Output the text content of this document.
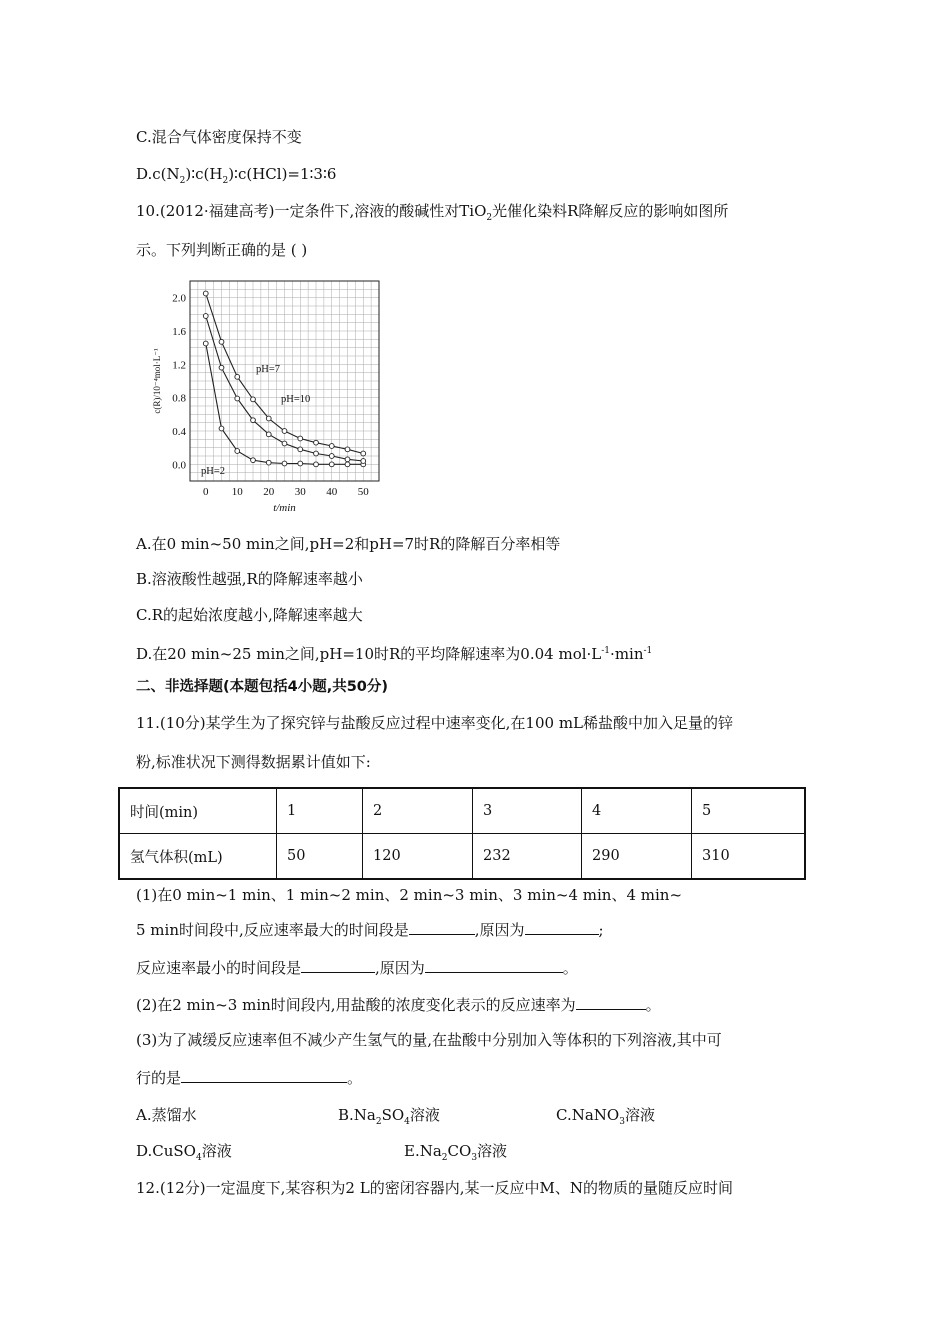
C.混合气体密度保持不变
$D.c(N_2)∶c(H_2)∶c(HCl)=1∶3∶6$
10.(2012·福建高考)一定条件下,溶液的酸碱性对TiO$_2$光催化染料R降解反应的影响如图所
示。下列判断正确的是 ( )
0 10 20 30 40 50
0.0
0.4
0.8
1.2
1.6
2.0
t/min
c(R)/10⁻⁴mol·L⁻¹
pH=2
pH=7
pH=10
A.在0 min~50 min之间,pH=2和pH=7时R的降解百分率相等
B.溶液酸性越强,R的降解速率越小
C.R的起始浓度越小,降解速率越大
D.在20 min~25 min之间,pH=10时R的平均降解速率为0.04 $mol\cdot L^{-1}\cdot\min^{-1}$
二、非选择题(本题包括4小题,共50分)
11.(10分)某学生为了探究锌与盐酸反应过程中速率变化,在100 mL稀盐酸中加入足量的锌
粉,标准状况下测得数据累计值如下:
时间(min)	1	2	3	4	5
氢气体积(mL)	50	120	232	290	310
(1)在0 min~1 min、1 min~2 min、2 min~3 min、3 min~4 min、4 min~
5 min时间段中,反应速率最大的时间段是	,原因为	;
反应速率最小的时间段是	,原因为	。
(2)在2 min~3 min时间段内,用盐酸的浓度变化表示的反应速率为	。
(3)为了减缓反应速率但不减少产生氢气的量,在盐酸中分别加入等体积的下列溶液,其中可
行的是	。
A.蒸馏水	$B.Na_2SO_4$溶液	C.NaNO$_3$溶液
D.CuSO$_4$溶液	$E.Na_2CO_3$溶液
12.(12分)一定温度下,某容积为2 L的密闭容器内,某一反应中M、N的物质的量随反应时间
